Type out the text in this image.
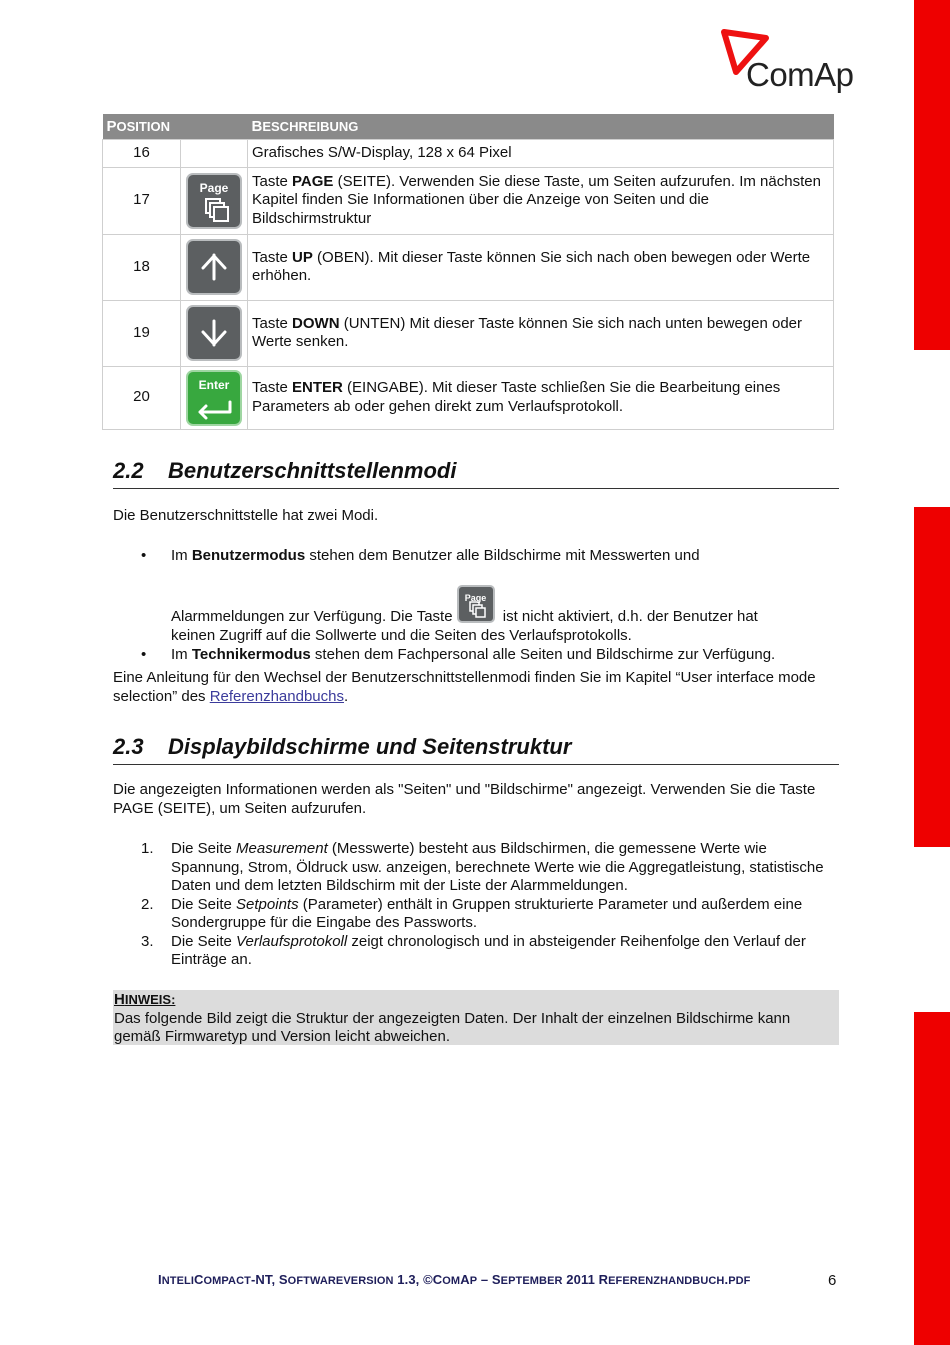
ComAp
POSITION		BESCHREIBUNG
16		Grafisches S/W-Display, 128 x 64 Pixel
17	Page	Taste PAGE (SEITE). Verwenden Sie diese Taste, um Seiten aufzurufen. Im nächsten Kapitel finden Sie Informationen über die Anzeige von Seiten und die Bildschirmstruktur
18		Taste UP (OBEN). Mit dieser Taste können Sie sich nach oben bewegen oder Werte erhöhen.
19		Taste DOWN (UNTEN) Mit dieser Taste können Sie sich nach unten bewegen oder Werte senken.
20	Enter	Taste ENTER (EINGABE). Mit dieser Taste schließen Sie die Bearbeitung eines Parameters ab oder gehen direkt zum Verlaufsprotokoll.
2.2 Benutzerschnittstellenmodi
Die Benutzerschnittstelle hat zwei Modi.
• Im Benutzermodus stehen dem Benutzer alle Bildschirme mit Messwerten und
Alarmmeldungen zur Verfügung. Die Taste
Page
ist nicht aktiviert, d.h. der Benutzer hat
keinen Zugriff auf die Sollwerte und die Seiten des Verlaufsprotokolls.
• Im Technikermodus stehen dem Fachpersonal alle Seiten und Bildschirme zur Verfügung.
Eine Anleitung für den Wechsel der Benutzerschnittstellenmodi finden Sie im Kapitel “User interface mode selection” des Referenzhandbuchs.
2.3 Displaybildschirme und Seitenstruktur
Die angezeigten Informationen werden als "Seiten" und "Bildschirme" angezeigt. Verwenden Sie die Taste PAGE (SEITE), um Seiten aufzurufen.
1. Die Seite Measurement (Messwerte) besteht aus Bildschirmen, die gemessene Werte wie Spannung, Strom, Öldruck usw. anzeigen, berechnete Werte wie die Aggregatleistung, statistische Daten und dem letzten Bildschirm mit der Liste der Alarmmeldungen.
2. Die Seite Setpoints (Parameter) enthält in Gruppen strukturierte Parameter und außerdem eine Sondergruppe für die Eingabe des Passworts.
3. Die Seite Verlaufsprotokoll zeigt chronologisch und in absteigender Reihenfolge den Verlauf der Einträge an.
HINWEIS:
Das folgende Bild zeigt die Struktur der angezeigten Daten. Der Inhalt der einzelnen Bildschirme kann gemäß Firmwaretyp und Version leicht abweichen.
INTELICOMPACT-NT, SOFTWAREVERSION 1.3, ©COMAP – SEPTEMBER 2011 REFERENZHANDBUCH.PDF	6
